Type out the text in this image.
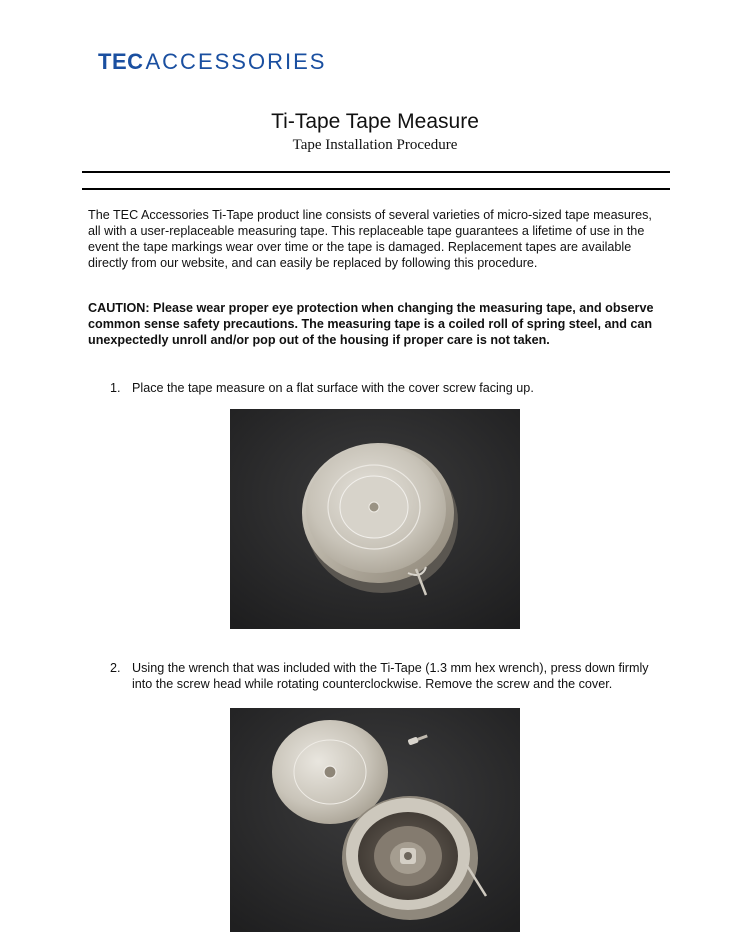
TEC ACCESSORIES
Ti-Tape Tape Measure
Tape Installation Procedure

The TEC Accessories Ti-Tape product line consists of several varieties of micro-sized tape measures, all with a user-replaceable measuring tape. This replaceable tape guarantees a lifetime of use in the event the tape markings wear over time or the tape is damaged. Replacement tapes are available directly from our website, and can easily be replaced by following this procedure.

CAUTION: Please wear proper eye protection when changing the measuring tape, and observe common sense safety precautions. The measuring tape is a coiled roll of spring steel, and can unexpectedly unroll and/or pop out of the housing if proper care is not taken.

1. Place the tape measure on a flat surface with the cover screw facing up.
2. Using the wrench that was included with the Ti-Tape (1.3 mm hex wrench), press down firmly into the screw head while rotating counterclockwise. Remove the screw and the cover.
